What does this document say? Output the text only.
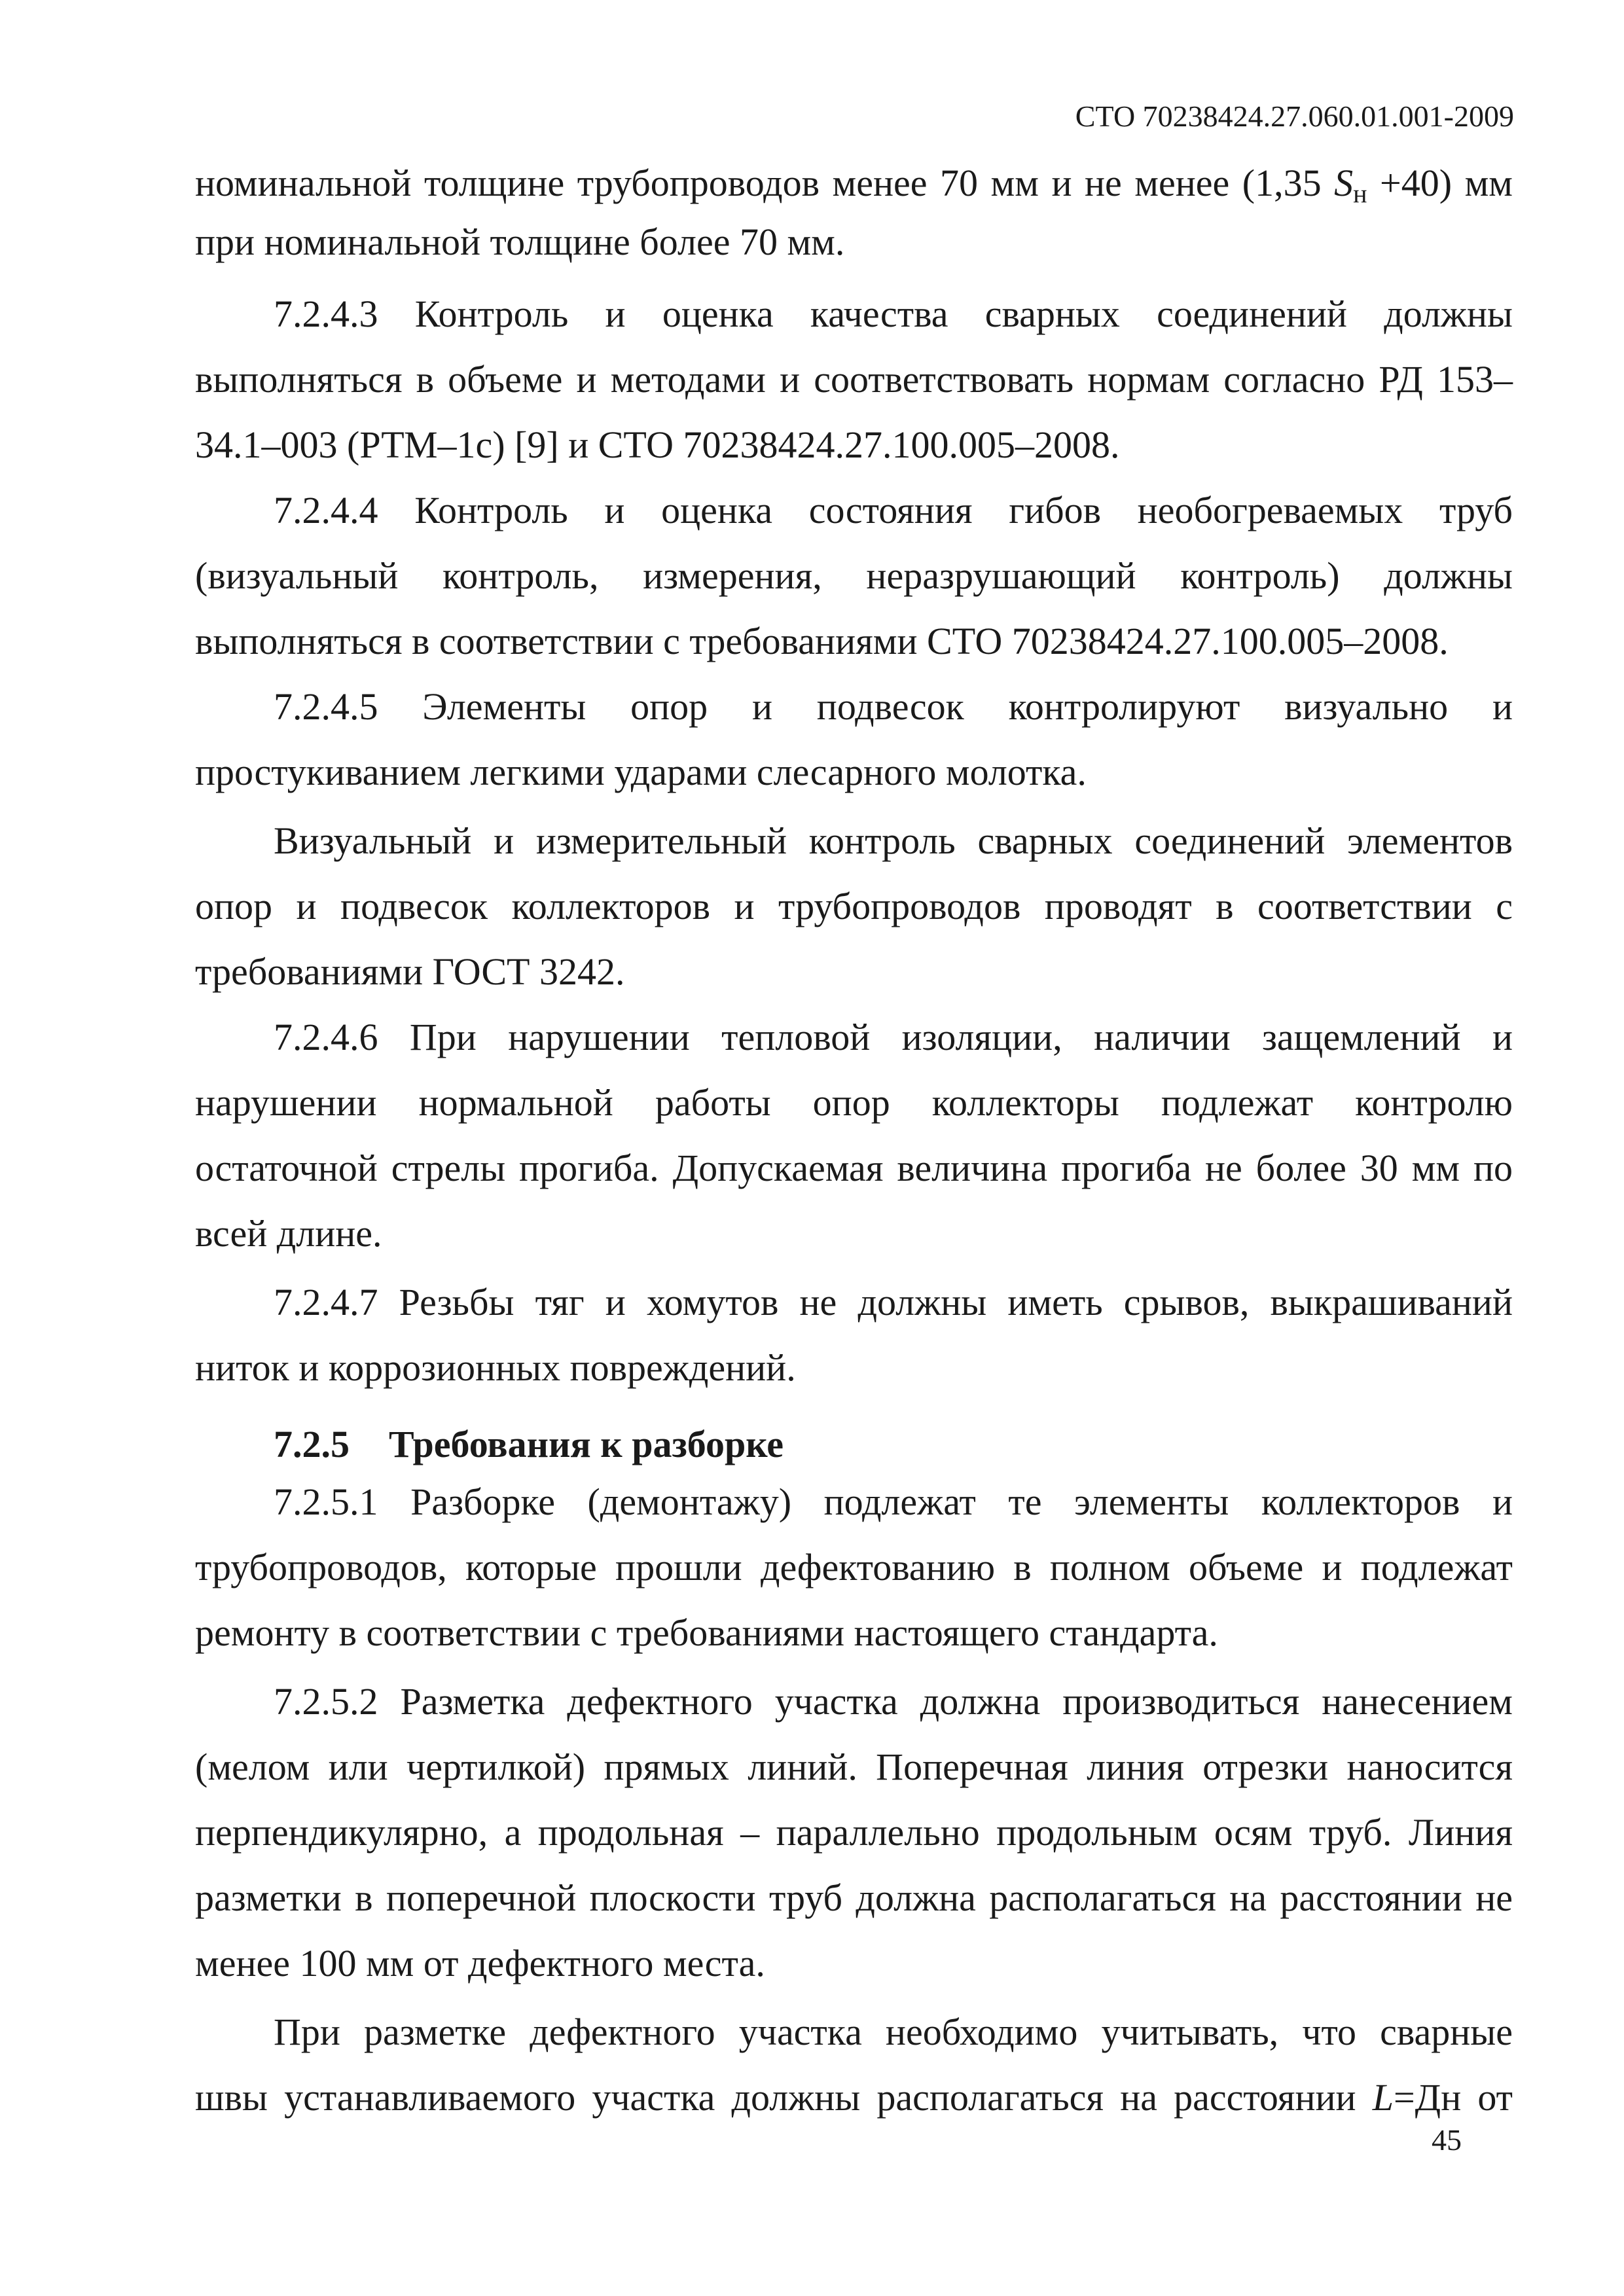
СТО 70238424.27.060.01.001-2009
номинальной толщине трубопроводов менее 70 мм и не менее (1,35 $S_н +40$) мм
при номинальной толщине более 70 мм.
7.2.4.3 Контроль и оценка качества сварных соединений должны
выполняться в объеме и методами и соответствовать нормам согласно РД 153–
34.1–003 (РТМ–1с) [9] и СТО 70238424.27.100.005–2008.
7.2.4.4 Контроль и оценка состояния гибов необогреваемых труб
(визуальный контроль, измерения, неразрушающий контроль) должны
выполняться в соответствии с требованиями СТО 70238424.27.100.005–2008.
7.2.4.5 Элементы опор и подвесок контролируют визуально и
простукиванием легкими ударами слесарного молотка.
Визуальный и измерительный контроль сварных соединений элементов
опор и подвесок коллекторов и трубопроводов проводят в соответствии с
требованиями ГОСТ 3242.
7.2.4.6 При нарушении тепловой изоляции, наличии защемлений и
нарушении нормальной работы опор коллекторы подлежат контролю
остаточной стрелы прогиба. Допускаемая величина прогиба не более 30 мм по
всей длине.
7.2.4.7 Резьбы тяг и хомутов не должны иметь срывов, выкрашиваний
ниток и коррозионных повреждений.
7.2.5 Требования к разборке
7.2.5.1 Разборке (демонтажу) подлежат те элементы коллекторов и
трубопроводов, которые прошли дефектованию в полном объеме и подлежат
ремонту в соответствии с требованиями настоящего стандарта.
7.2.5.2 Разметка дефектного участка должна производиться нанесением
(мелом или чертилкой) прямых линий. Поперечная линия отрезки наносится
перпендикулярно, а продольная – параллельно продольным осям труб. Линия
разметки в поперечной плоскости труб должна располагаться на расстоянии не
менее 100 мм от дефектного места.
При разметке дефектного участка необходимо учитывать, что сварные
швы устанавливаемого участка должны располагаться на расстоянии L=Дн от
45
